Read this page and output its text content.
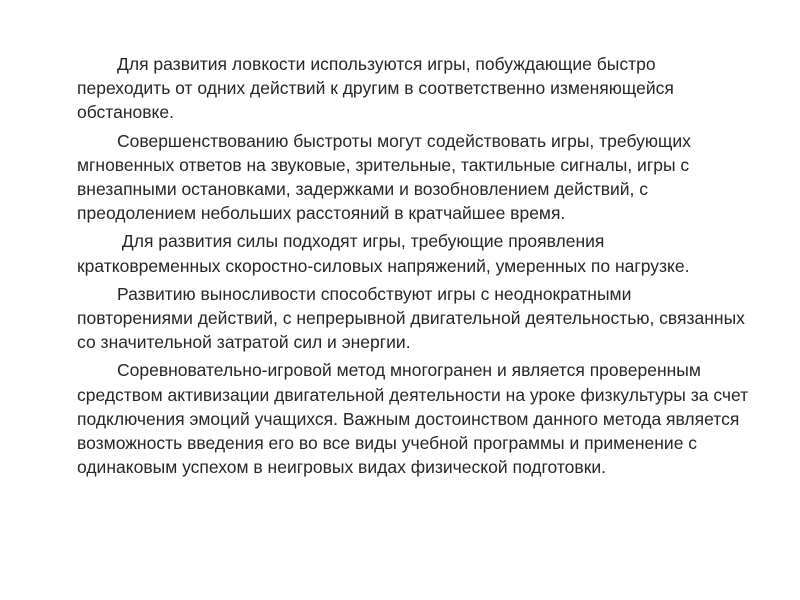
Для развития ловкости используются игры, побуждающие быстро переходить от одних действий к другим в соответственно изменяющейся обстановке.

Совершенствованию быстроты могут содействовать игры, требующих мгновенных ответов на звуковые, зрительные, тактильные сигналы, игры с внезапными остановками, задержками и возобновлением действий, с преодолением небольших расстояний в кратчайшее время.

Для развития силы подходят игры, требующие проявления кратковременных скоростно-силовых напряжений, умеренных по нагрузке.

Развитию выносливости способствуют игры с неоднократными повторениями действий, с непрерывной двигательной деятельностью, связанных со значительной затратой сил и энергии.

Соревновательно-игровой метод многогранен и является проверенным средством активизации двигательной деятельности на уроке физкультуры за счет подключения эмоций учащихся. Важным достоинством данного метода является возможность введения его во все виды учебной программы и применение с одинаковым успехом в неигровых видах физической подготовки.
